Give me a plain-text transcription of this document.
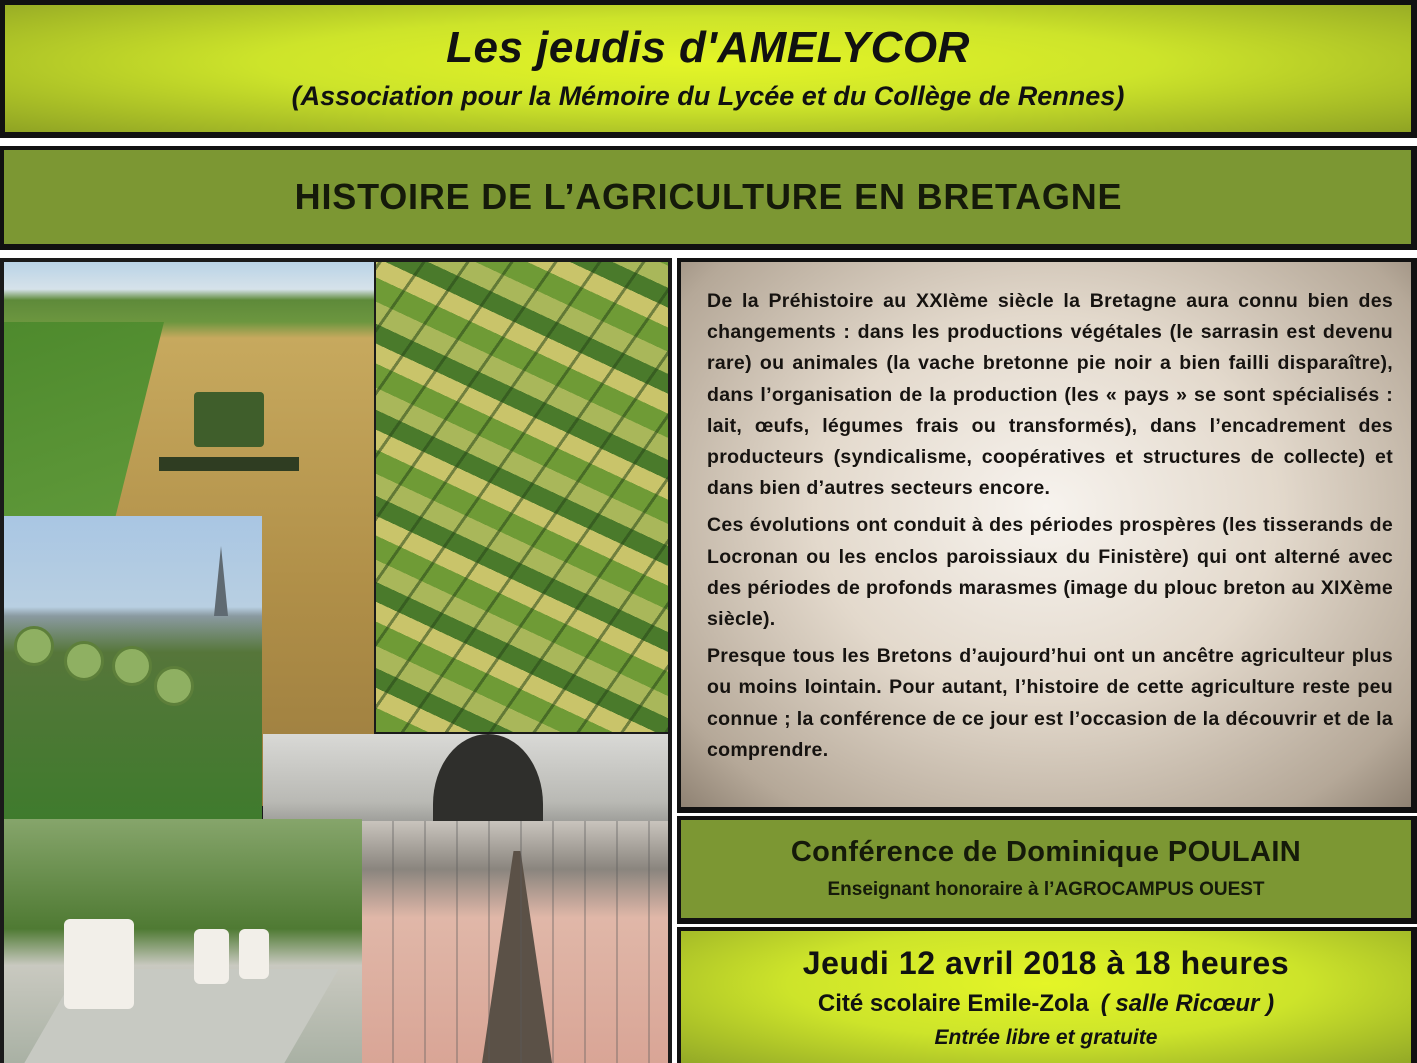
Les jeudis d'AMELYCOR
(Association pour la Mémoire du Lycée et du Collège de Rennes)
HISTOIRE DE L’AGRICULTURE EN BRETAGNE

De la Préhistoire au XXIème siècle la Bretagne aura connu bien des changements : dans les productions végétales (le sarrasin est devenu rare) ou animales (la vache bretonne pie noir a bien failli disparaître), dans l’organisation de la production (les « pays » se sont spécialisés : lait, œufs, légumes frais ou transformés), dans l’encadrement des producteurs (syndicalisme, coopératives et structures de collecte) et dans bien d’autres secteurs encore.

Ces évolutions ont conduit à des périodes prospères (les tisserands de Locronan ou les enclos paroissiaux du Finistère) qui ont alterné avec des périodes de profonds marasmes (image du plouc breton au XIXème siècle).

Presque tous les Bretons d’aujourd’hui ont un ancêtre agriculteur plus ou moins lointain. Pour autant, l’histoire de cette agriculture reste peu connue ; la conférence de ce jour est l’occasion de la découvrir et de la comprendre.

Conférence de Dominique POULAIN
Enseignant honoraire à l’AGROCAMPUS OUEST
Jeudi 12 avril 2018 à 18 heures
Cité scolaire Emile-Zola ( salle Ricœur )
Entrée libre et gratuite
